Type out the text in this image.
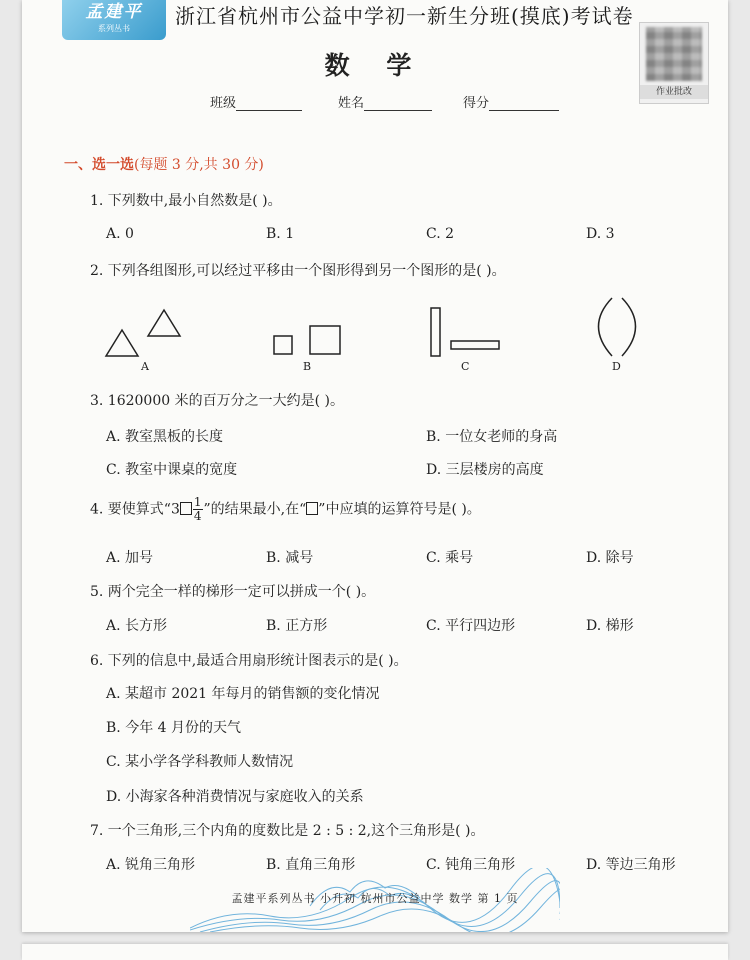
孟建平
系列丛书
浙江省杭州市公益中学初一新生分班(摸底)考试卷
作业批改
数 学
班级	姓名	得分
一、选一选(每题 3 分,共 30 分)
1. 下列数中,最小自然数是( )。
A. 0	B. 1	C. 2	D. 3
2. 下列各组图形,可以经过平移由一个图形得到另一个图形的是( )。
A	B	C	D
3. 1620000 米的百万分之一大约是( )。
A. 教室黑板的长度	B. 一位女老师的身高
C. 教室中课桌的宽度	D. 三层楼房的高度
4. 要使算式“$3 \frac{1}{4}$ ”的结果最小,在“ ”中应填的运算符号是( )。
A. 加号	B. 减号	C. 乘号	D. 除号
5. 两个完全一样的梯形一定可以拼成一个( )。
A. 长方形	B. 正方形	C. 平行四边形	D. 梯形
6. 下列的信息中,最适合用扇形统计图表示的是( )。
A. 某超市 2021 年每月的销售额的变化情况
B. 今年 4 月份的天气
C. 某小学各学科教师人数情况
D. 小海家各种消费情况与家庭收入的关系
7. 一个三角形,三个内角的度数比是 2 : 5 : 2,这个三角形是( )。
A. 锐角三角形	B. 直角三角形	C. 钝角三角形	D. 等边三角形
孟建平系列丛书 小升初 杭州市公益中学 数学 第 1 页
